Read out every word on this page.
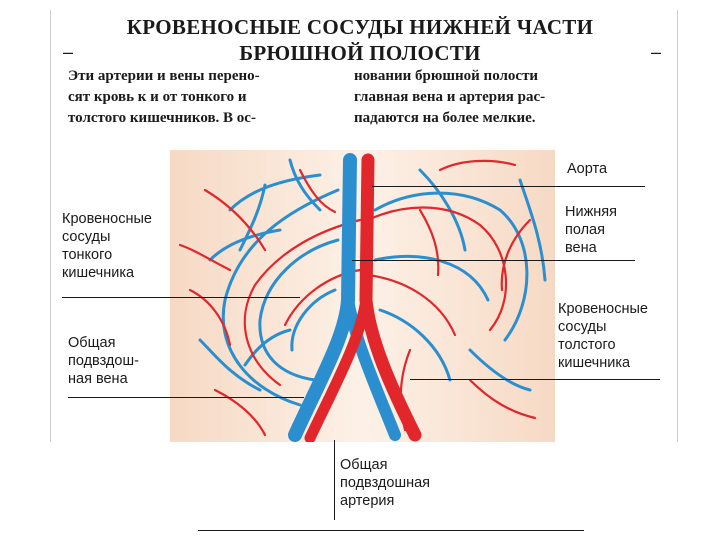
–	–
КРОВЕНОСНЫЕ СОСУДЫ НИЖНЕЙ ЧАСТИ
БРЮШНОЙ ПОЛОСТИ
Эти артерии и вены перено-
сят кровь к и от тонкого и
толстого кишечников. В ос-
новании брюшной полости
главная вена и артерия рас-
падаются на более мелкие.
Аорта
Нижняя
полая
вена
Кровеносные
сосуды
тонкого
кишечника
Общая
подвздош-
ная вена
Кровеносные
сосуды
толстого
кишечника
Общая
подвздошная
артерия
